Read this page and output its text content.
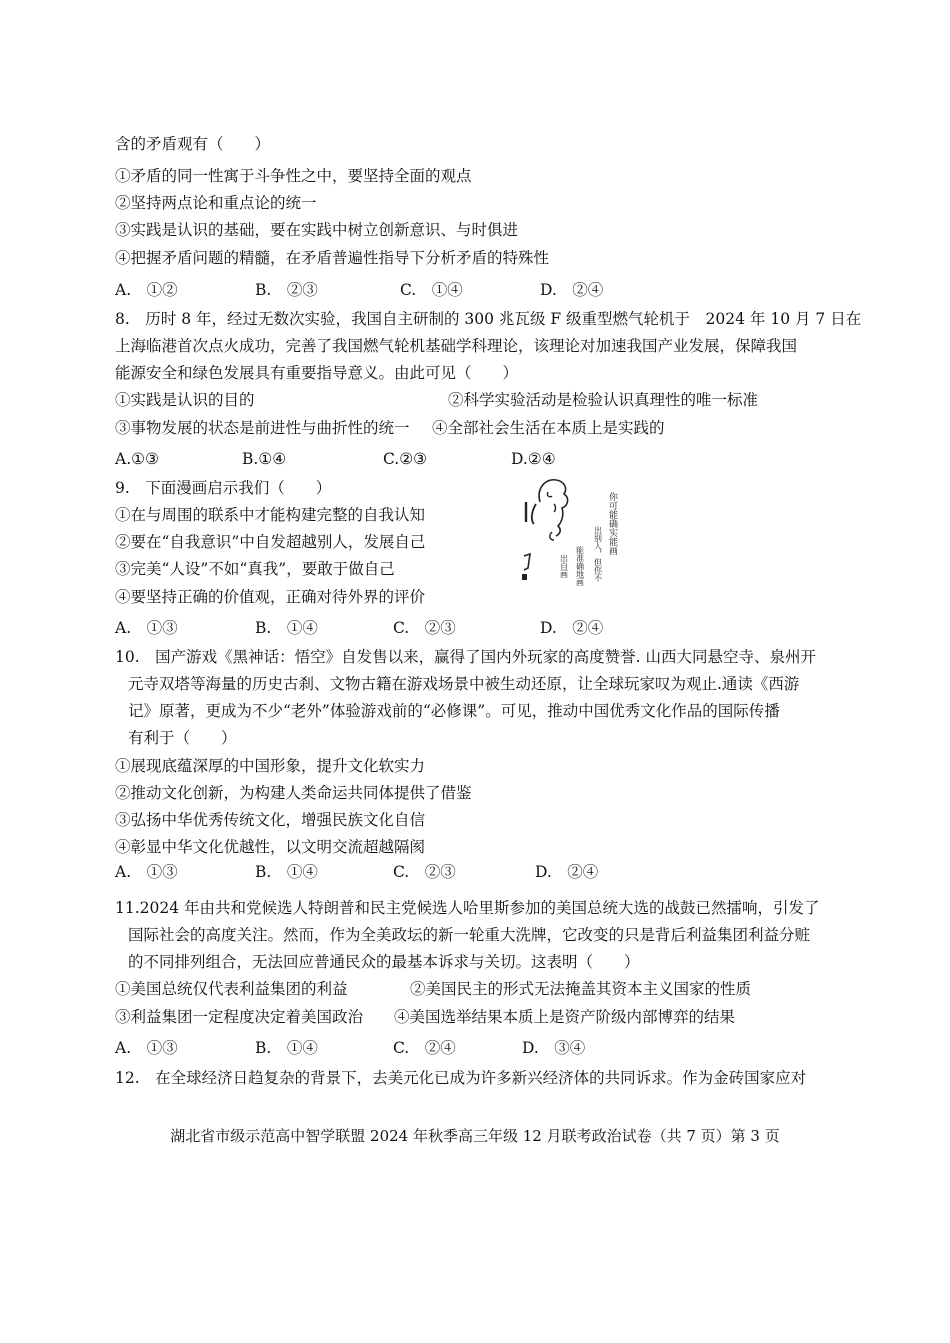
含的矛盾观有（　　）
①矛盾的同一性寓于斗争性之中，要坚持全面的观点
②坚持两点论和重点论的统一
③实践是认识的基础，要在实践中树立创新意识、与时俱进
④把握矛盾问题的精髓，在矛盾普遍性指导下分析矛盾的特殊性
A.　①②	B.　②③	C.　①④	D.　②④
8.　历时 8 年，经过无数次实验，我国自主研制的 300 兆瓦级 F 级重型燃气轮机于　2024 年 10 月 7 日在
上海临港首次点火成功，完善了我国燃气轮机基础学科理论，该理论对加速我国产业发展，保障我国
能源安全和绿色发展具有重要指导意义。由此可见（　　）
①实践是认识的目的	②科学实验活动是检验认识真理性的唯一标准
③事物发展的状态是前进性与曲折性的统一 ④全部社会生活在本质上是实践的
A.①③	B.①④	C.②③	D.②④
9.　下面漫画启示我们（　　）
①在与周围的联系中才能构建完整的自我认知
②要在“自我意识”中自发超越别人，发展自己
③完美“人设”不如“真我”，要敢于做自己
④要坚持正确的价值观，正确对待外界的评价
你可能确实能画
出别人，但你不
能准确地画
出自画
A.　①③	B.　①④	C.　②③	D.　②④
10.　国产游戏《黑神话：悟空》自发售以来，赢得了国内外玩家的高度赞誉. 山西大同悬空寺、泉州开
元寺双塔等海量的历史古刹、文物古籍在游戏场景中被生动还原，让全球玩家叹为观止.通读《西游
记》原著，更成为不少“老外”体验游戏前的“必修课”。可见，推动中国优秀文化作品的国际传播
有利于（　　）
①展现底蕴深厚的中国形象，提升文化软实力
②推动文化创新，为构建人类命运共同体提供了借鉴
③弘扬中华优秀传统文化，增强民族文化自信
④彰显中华文化优越性，以文明交流超越隔阂
A.　①③	B.　①④	C.　②③	D.　②④
11.2024 年由共和党候选人特朗普和民主党候选人哈里斯参加的美国总统大选的战鼓已然擂响，引发了
国际社会的高度关注。然而，作为全美政坛的新一轮重大洗牌，它改变的只是背后利益集团利益分赃
的不同排列组合，无法回应普通民众的最基本诉求与关切。这表明（　　）
①美国总统仅代表利益集团的利益	②美国民主的形式无法掩盖其资本主义国家的性质
③利益集团一定程度决定着美国政治 ④美国选举结果本质上是资产阶级内部博弈的结果
A.　①③	B.　①④	C.　②④	D.　③④
12.　在全球经济日趋复杂的背景下，去美元化已成为许多新兴经济体的共同诉求。作为金砖国家应对
湖北省市级示范高中智学联盟 2024 年秋季高三年级 12 月联考政治试卷（共 7 页）第 3 页
